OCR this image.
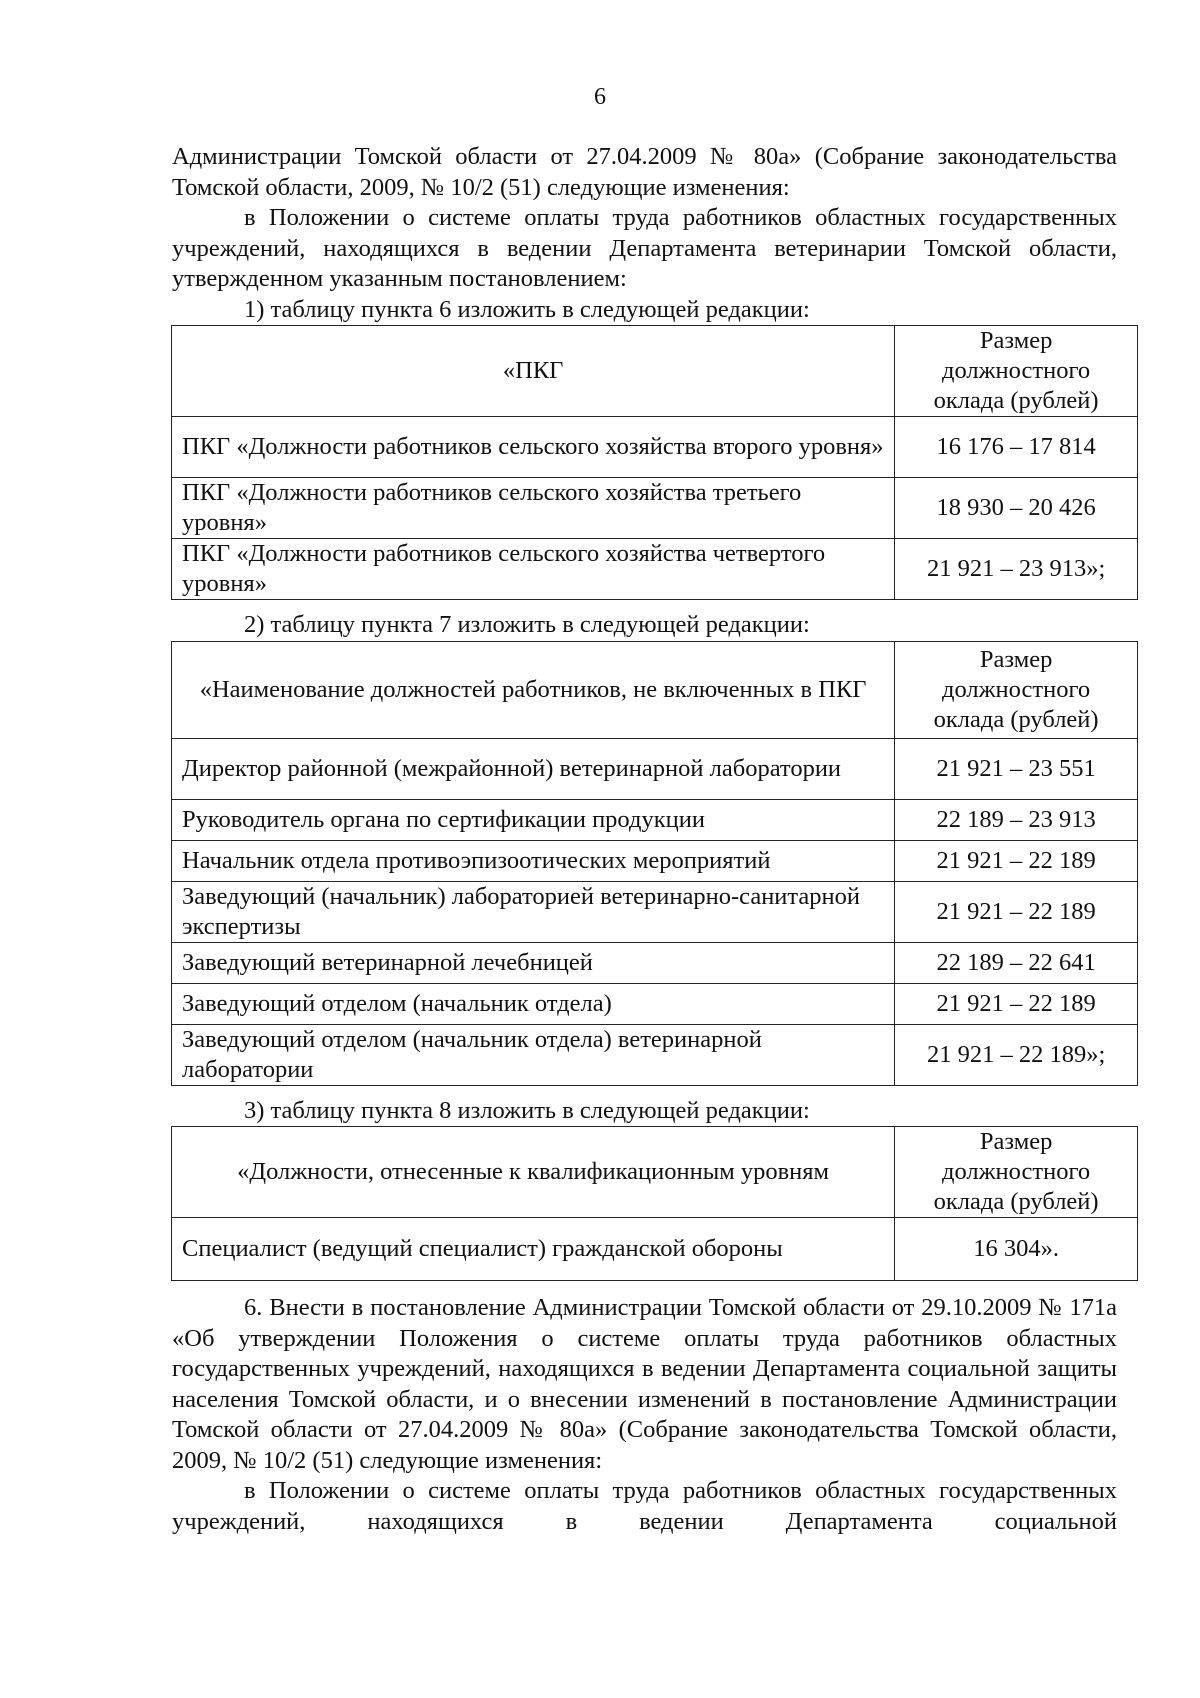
6

Администрации Томской области от 27.04.2009 № 80а» (Собрание законодательства Томской области, 2009, № 10/2 (51) следующие изменения:

в Положении о системе оплаты труда работников областных государственных учреждений, находящихся в ведении Департамента ветеринарии Томской области, утвержденном указанным постановлением:

1) таблицу пункта 6 изложить в следующей редакции:

«ПКГ	Размер должностного оклада (рублей)
ПКГ «Должности работников сельского хозяйства второго уровня»	16 176 – 17 814
ПКГ «Должности работников сельского хозяйства третьего уровня»	18 930 – 20 426
ПКГ «Должности работников сельского хозяйства четвертого уровня»	21 921 – 23 913»;

2) таблицу пункта 7 изложить в следующей редакции:

«Наименование должностей работников, не включенных в ПКГ	Размер должностного оклада (рублей)
Директор районной (межрайонной) ветеринарной лаборатории	21 921 – 23 551
Руководитель органа по сертификации продукции	22 189 – 23 913
Начальник отдела противоэпизоотических мероприятий	21 921 – 22 189
Заведующий (начальник) лабораторией ветеринарно-санитарной экспертизы	21 921 – 22 189
Заведующий ветеринарной лечебницей	22 189 – 22 641
Заведующий отделом (начальник отдела)	21 921 – 22 189
Заведующий отделом (начальник отдела) ветеринарной лаборатории	21 921 – 22 189»;

3) таблицу пункта 8 изложить в следующей редакции:

«Должности, отнесенные к квалификационным уровням	Размер должностного оклада (рублей)
Специалист (ведущий специалист) гражданской обороны	16 304».

6. Внести в постановление Администрации Томской области от 29.10.2009 № 171а «Об утверждении Положения о системе оплаты труда работников областных государственных учреждений, находящихся в ведении Департамента социальной защиты населения Томской области, и о внесении изменений в постановление Администрации Томской области от 27.04.2009 № 80а» (Собрание законодательства Томской области, 2009, № 10/2 (51) следующие изменения:

в Положении о системе оплаты труда работников областных государственных учреждений, находящихся в ведении Департамента социальной
